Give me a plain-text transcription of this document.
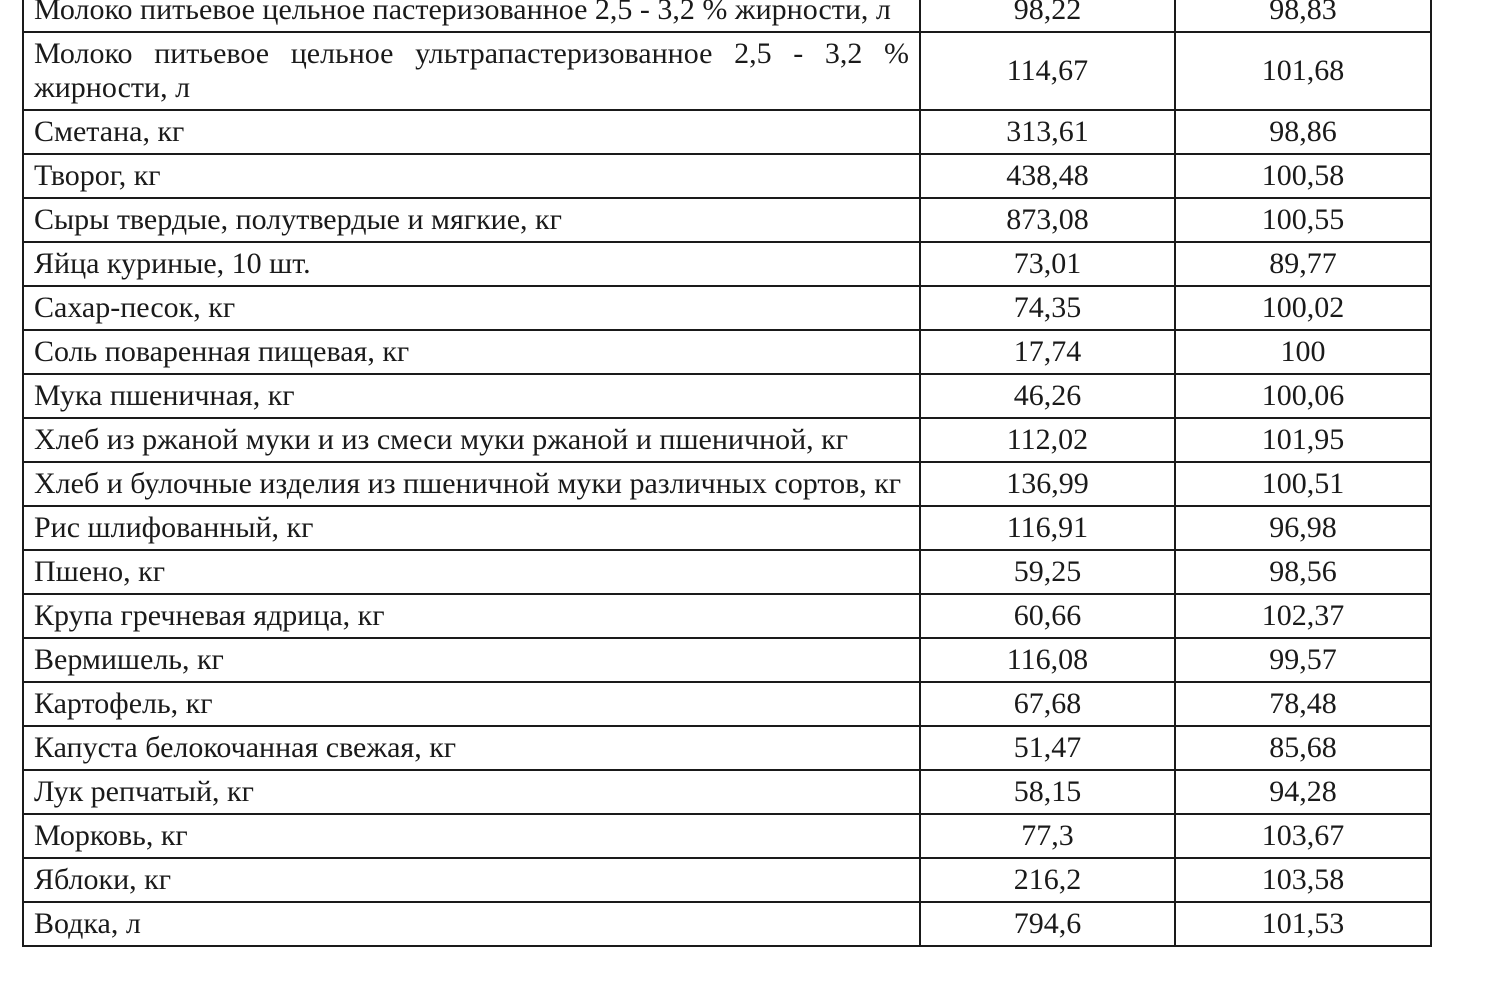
Молоко питьевое цельное пастеризованное 2,5 - 3,2 % жирности, л	98,22	98,83
Молоко питьевое цельное ультрапастеризованное 2,5 - 3,2 % жирности, л	114,67	101,68
Сметана, кг	313,61	98,86
Творог, кг	438,48	100,58
Сыры твердые, полутвердые и мягкие, кг	873,08	100,55
Яйца куриные, 10 шт.	73,01	89,77
Сахар-песок, кг	74,35	100,02
Соль поваренная пищевая, кг	17,74	100
Мука пшеничная, кг	46,26	100,06
Хлеб из ржаной муки и из смеси муки ржаной и пшеничной, кг	112,02	101,95
Хлеб и булочные изделия из пшеничной муки различных сортов, кг	136,99	100,51
Рис шлифованный, кг	116,91	96,98
Пшено, кг	59,25	98,56
Крупа гречневая ядрица, кг	60,66	102,37
Вермишель, кг	116,08	99,57
Картофель, кг	67,68	78,48
Капуста белокочанная свежая, кг	51,47	85,68
Лук репчатый, кг	58,15	94,28
Морковь, кг	77,3	103,67
Яблоки, кг	216,2	103,58
Водка, л	794,6	101,53
